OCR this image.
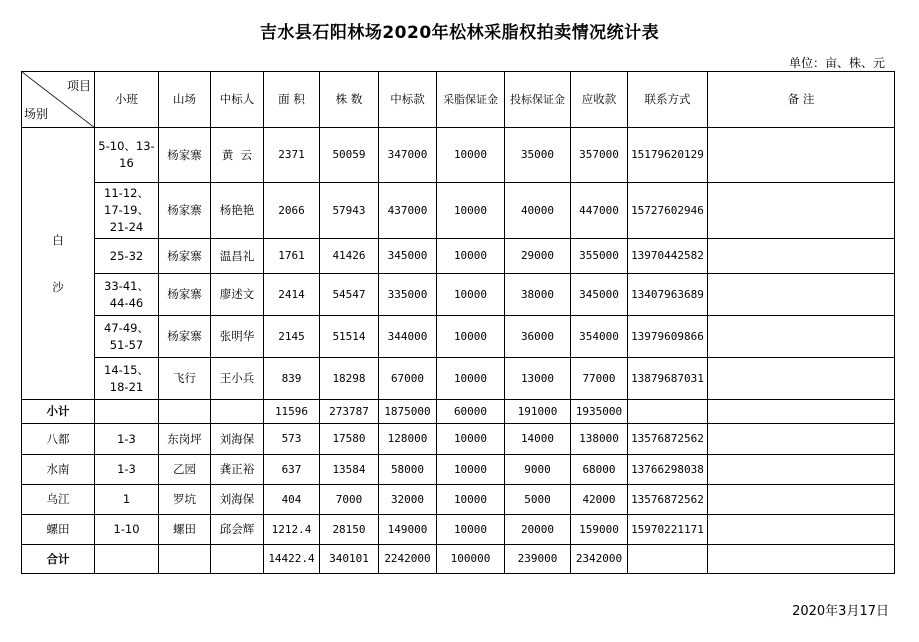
吉水县石阳林场2020年松林采脂权拍卖情况统计表
单位：亩、株、元
项目
场别	小班	山场	中标人	面 积	株 数	中标款	采脂保证金	投标保证金	应收款	联系方式	备 注

白
沙	5-10、13-16	杨家寨	黄  云	2371	50059	347000	10000	35000	357000	15179620129	
	11-12、17-19、21-24	杨家寨	杨艳艳	2066	57943	437000	10000	40000	447000	15727602946	
	25-32	杨家寨	温昌礼	1761	41426	345000	10000	29000	355000	13970442582	
	33-41、44-46	杨家寨	廖述文	2414	54547	335000	10000	38000	345000	13407963689	
	47-49、51-57	杨家寨	张明华	2145	51514	344000	10000	36000	354000	13979609866	
	14-15、18-21	飞行	王小兵	839	18298	67000	10000	13000	77000	13879687031	
小计				11596	273787	1875000	60000	191000	1935000		
八都	1-3	东岗坪	刘海保	573	17580	128000	10000	14000	138000	13576872562	
水南	1-3	乙园	龚正裕	637	13584	58000	10000	9000	68000	13766298038	
乌江	1	罗坑	刘海保	404	7000	32000	10000	5000	42000	13576872562	
螺田	1-10	螺田	邱会辉	1212.4	28150	149000	10000	20000	159000	15970221171	
合计				14422.4	340101	2242000	100000	239000	2342000		
2020年3月17日
